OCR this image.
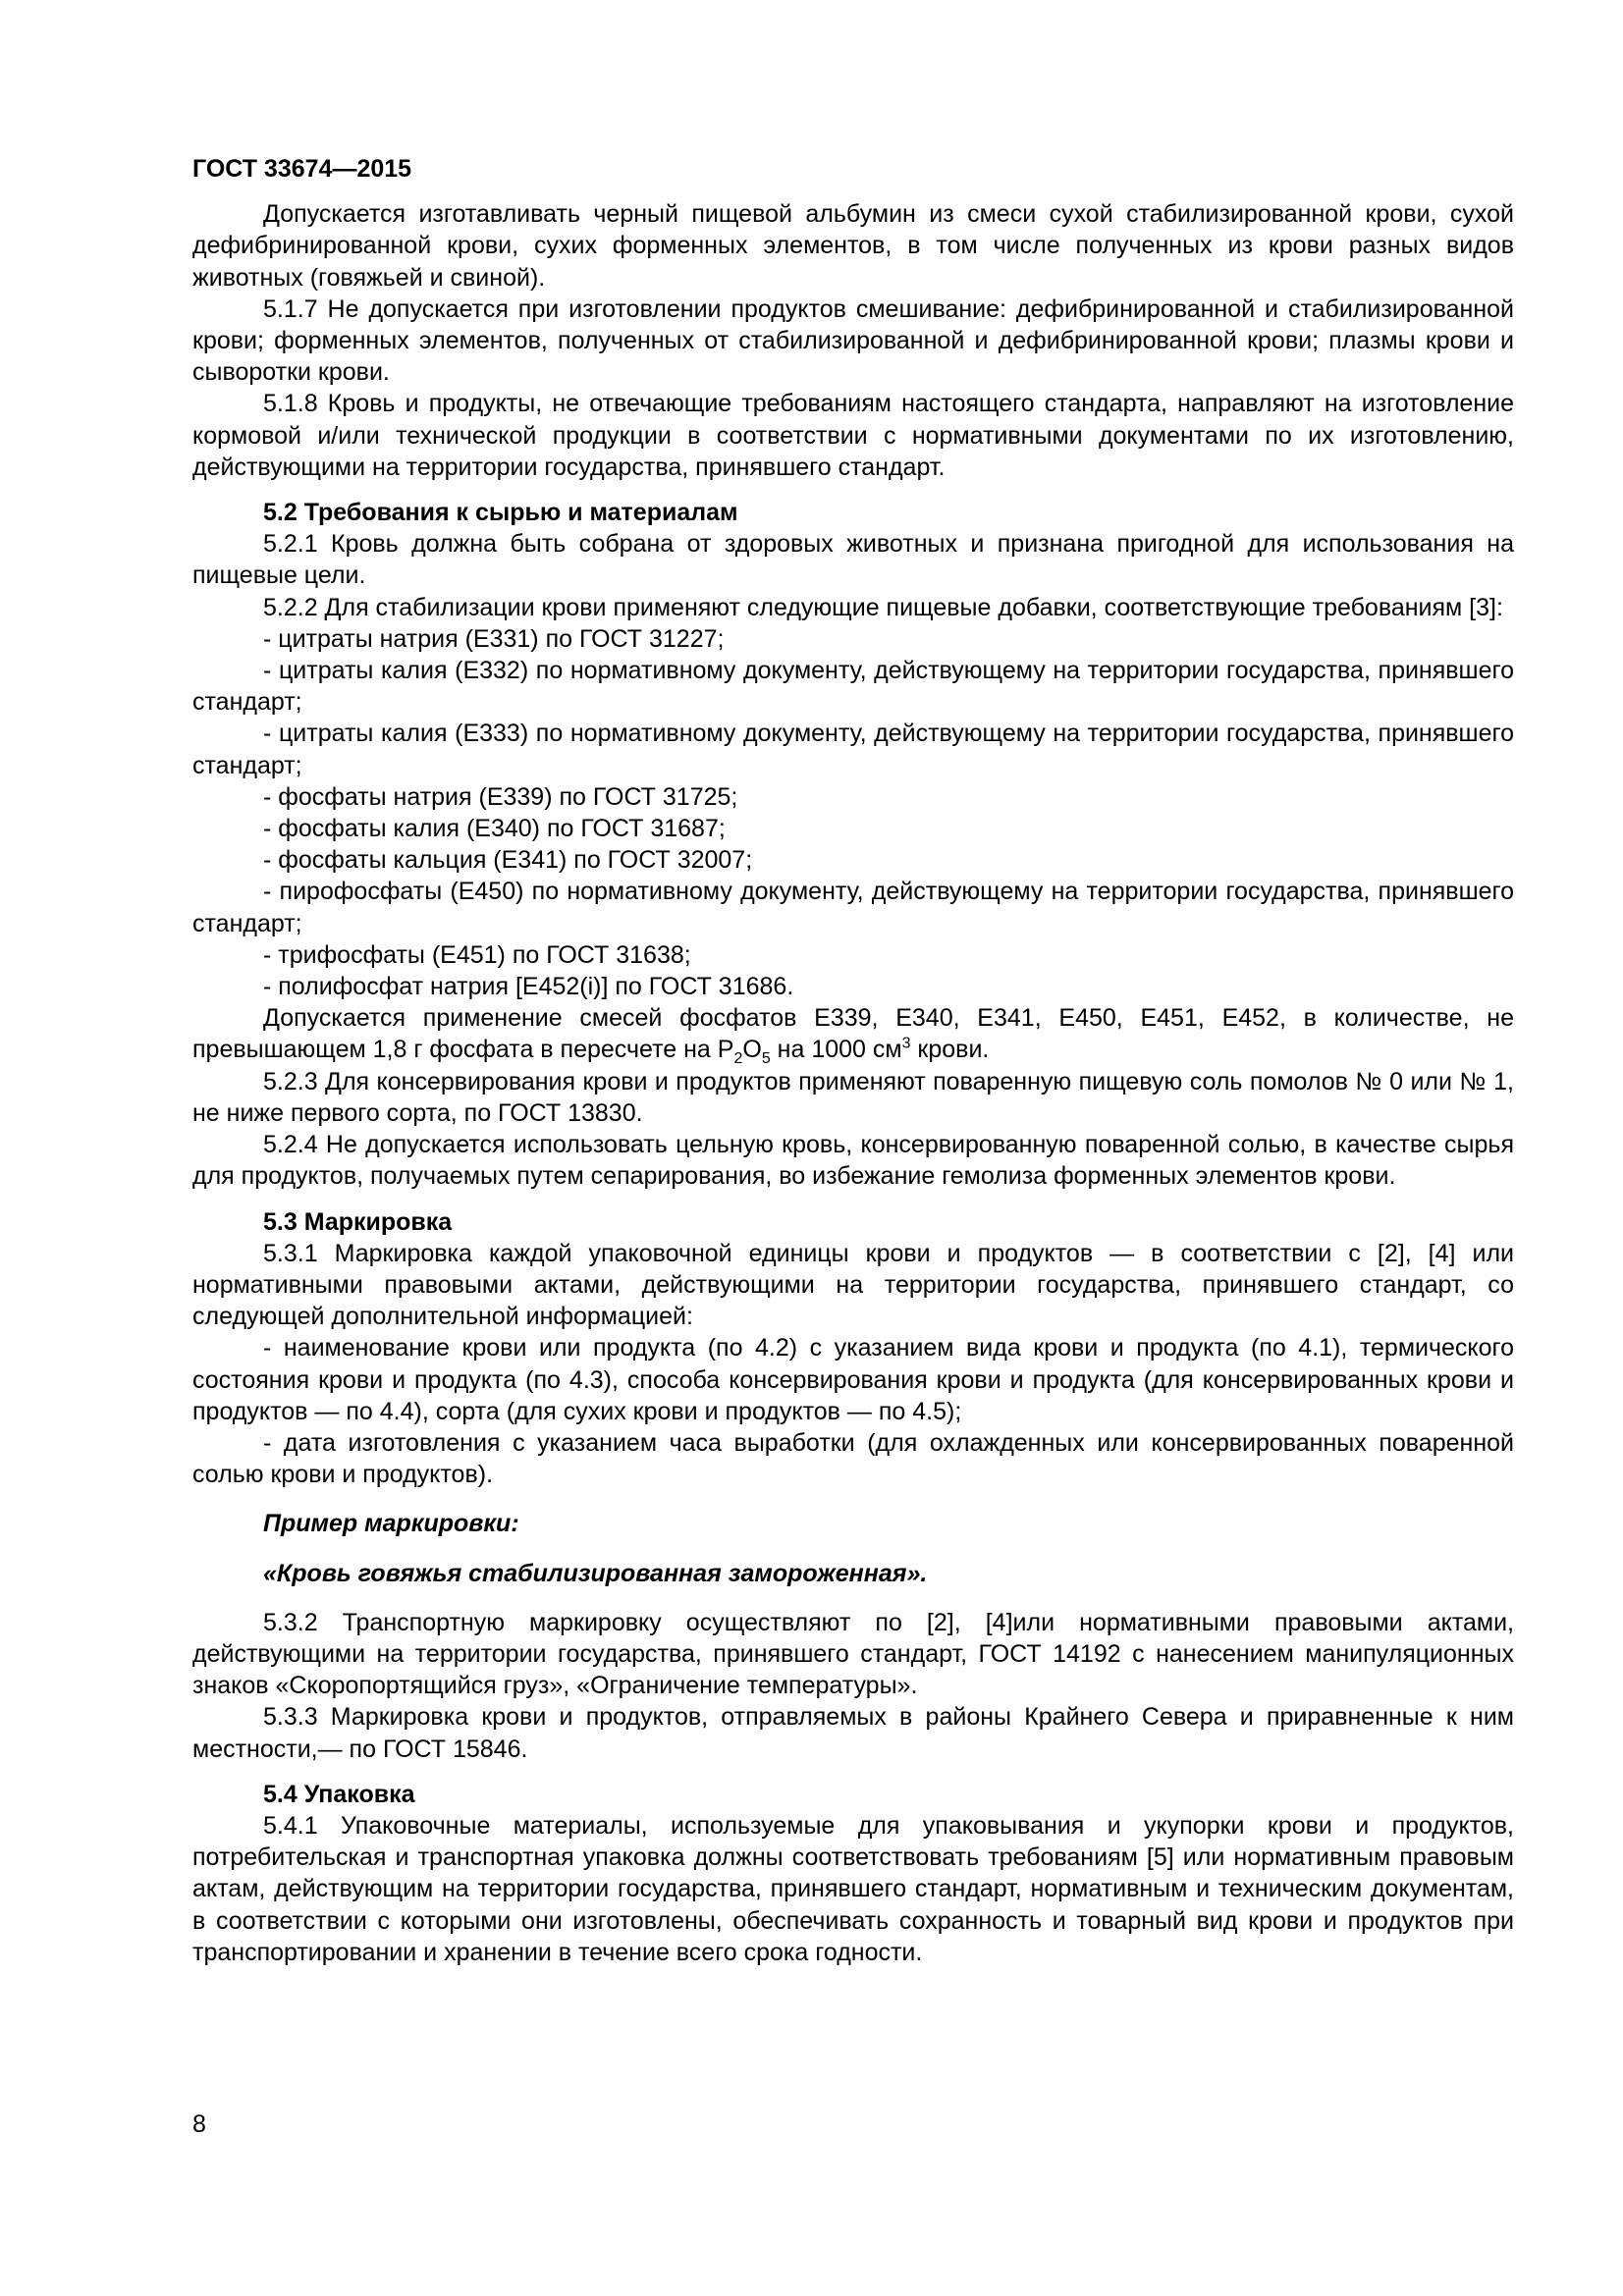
ГОСТ 33674—2015

Допускается изготавливать черный пищевой альбумин из смеси сухой стабилизированной крови, сухой дефибринированной крови, сухих форменных элементов, в том числе полученных из крови разных видов животных (говяжьей и свиной).

5.1.7 Не допускается при изготовлении продуктов смешивание: дефибринированной и стабилизированной крови; форменных элементов, полученных от стабилизированной и дефибринированной крови; плазмы крови и сыворотки крови.

5.1.8 Кровь и продукты, не отвечающие требованиям настоящего стандарта, направляют на изготовление кормовой и/или технической продукции в соответствии с нормативными документами по их изготовлению, действующими на территории государства, принявшего стандарт.

5.2 Требования к сырью и материалам

5.2.1 Кровь должна быть собрана от здоровых животных и признана пригодной для использования на пищевые цели.

5.2.2 Для стабилизации крови применяют следующие пищевые добавки, соответствующие требованиям [3]:

- цитраты натрия (Е331) по ГОСТ 31227;

- цитраты калия (Е332) по нормативному документу, действующему на территории государства, принявшего стандарт;

- цитраты калия (Е333) по нормативному документу, действующему на территории государства, принявшего стандарт;

- фосфаты натрия (Е339) по ГОСТ 31725;

- фосфаты калия (Е340) по ГОСТ 31687;

- фосфаты кальция (Е341) по ГОСТ 32007;

- пирофосфаты (Е450) по нормативному документу, действующему на территории государства, принявшего стандарт;

- трифосфаты (Е451) по ГОСТ 31638;

- полифосфат натрия [Е452(i)] по ГОСТ 31686.

Допускается применение смесей фосфатов Е339, Е340, Е341, Е450, Е451, Е452, в количестве, не превышающем 1,8 г фосфата в пересчете на $P_2O_5$ на 1000 $см^3$ крови.

5.2.3 Для консервирования крови и продуктов применяют поваренную пищевую соль помолов № 0 или № 1, не ниже первого сорта, по ГОСТ 13830.

5.2.4 Не допускается использовать цельную кровь, консервированную поваренной солью, в качестве сырья для продуктов, получаемых путем сепарирования, во избежание гемолиза форменных элементов крови.

5.3 Маркировка

5.3.1 Маркировка каждой упаковочной единицы крови и продуктов — в соответствии с [2], [4] или нормативными правовыми актами, действующими на территории государства, принявшего стандарт, со следующей дополнительной информацией:

- наименование крови или продукта (по 4.2) с указанием вида крови и продукта (по 4.1), термического состояния крови и продукта (по 4.3), способа консервирования крови и продукта (для консервированных крови и продуктов — по 4.4), сорта (для сухих крови и продуктов — по 4.5);

- дата изготовления с указанием часа выработки (для охлажденных или консервированных поваренной солью крови и продуктов).

Пример маркировки:

«Кровь говяжья стабилизированная замороженная».

5.3.2 Транспортную маркировку осуществляют по [2], [4]или нормативными правовыми актами, действующими на территории государства, принявшего стандарт, ГОСТ 14192 с нанесением манипуляционных знаков «Скоропортящийся груз», «Ограничение температуры».

5.3.3 Маркировка крови и продуктов, отправляемых в районы Крайнего Севера и приравненные к ним местности,— по ГОСТ 15846.

5.4 Упаковка

5.4.1 Упаковочные материалы, используемые для упаковывания и укупорки крови и продуктов, потребительская и транспортная упаковка должны соответствовать требованиям [5] или нормативным правовым актам, действующим на территории государства, принявшего стандарт, нормативным и техническим документам, в соответствии с которыми они изготовлены, обеспечивать сохранность и товарный вид крови и продуктов при транспортировании и хранении в течение всего срока годности.

8
